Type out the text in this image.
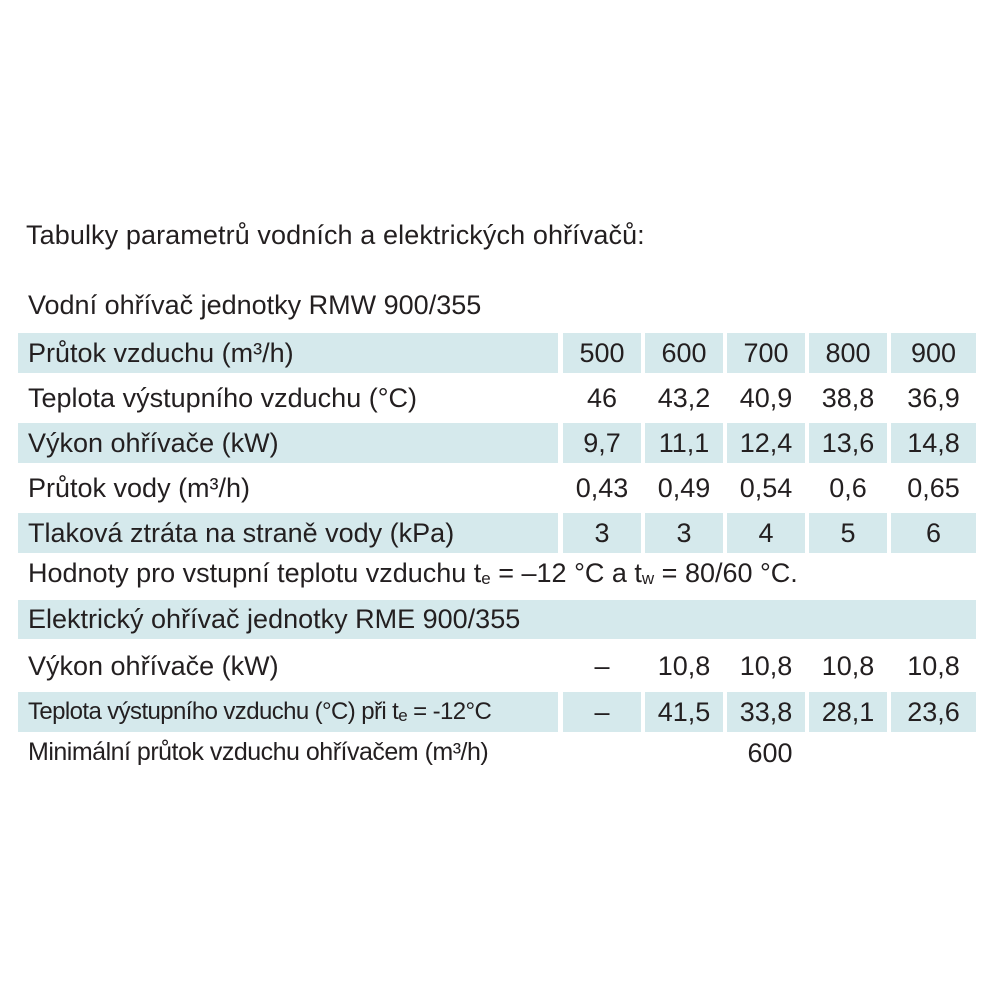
Tabulky parametrů vodních a elektrických ohřívačů:
Vodní ohřívač jednotky RMW 900/355
Průtok vzduchu (m³/h)	500	600	700	800	900
Teplota výstupního vzduchu (°C)	46	43,2	40,9	38,8	36,9
Výkon ohřívače (kW)	9,7	11,1	12,4	13,6	14,8
Průtok vody (m³/h)	0,43	0,49	0,54	0,6	0,65
Tlaková ztráta na straně vody (kPa)	3	3	4	5	6
Hodnoty pro vstupní teplotu vzduchu $t_e = -12$ °C a $t_w = 80/60$ °C.
Elektrický ohřívač jednotky RME 900/355
Výkon ohřívače (kW)	–	10,8	10,8	10,8	10,8
Teplota výstupního vzduchu (°C) při $t_e = -12^\circ C$	–	41,5	33,8	28,1	23,6
Minimální průtok vzduchu ohřívačem (m³/h)	600
